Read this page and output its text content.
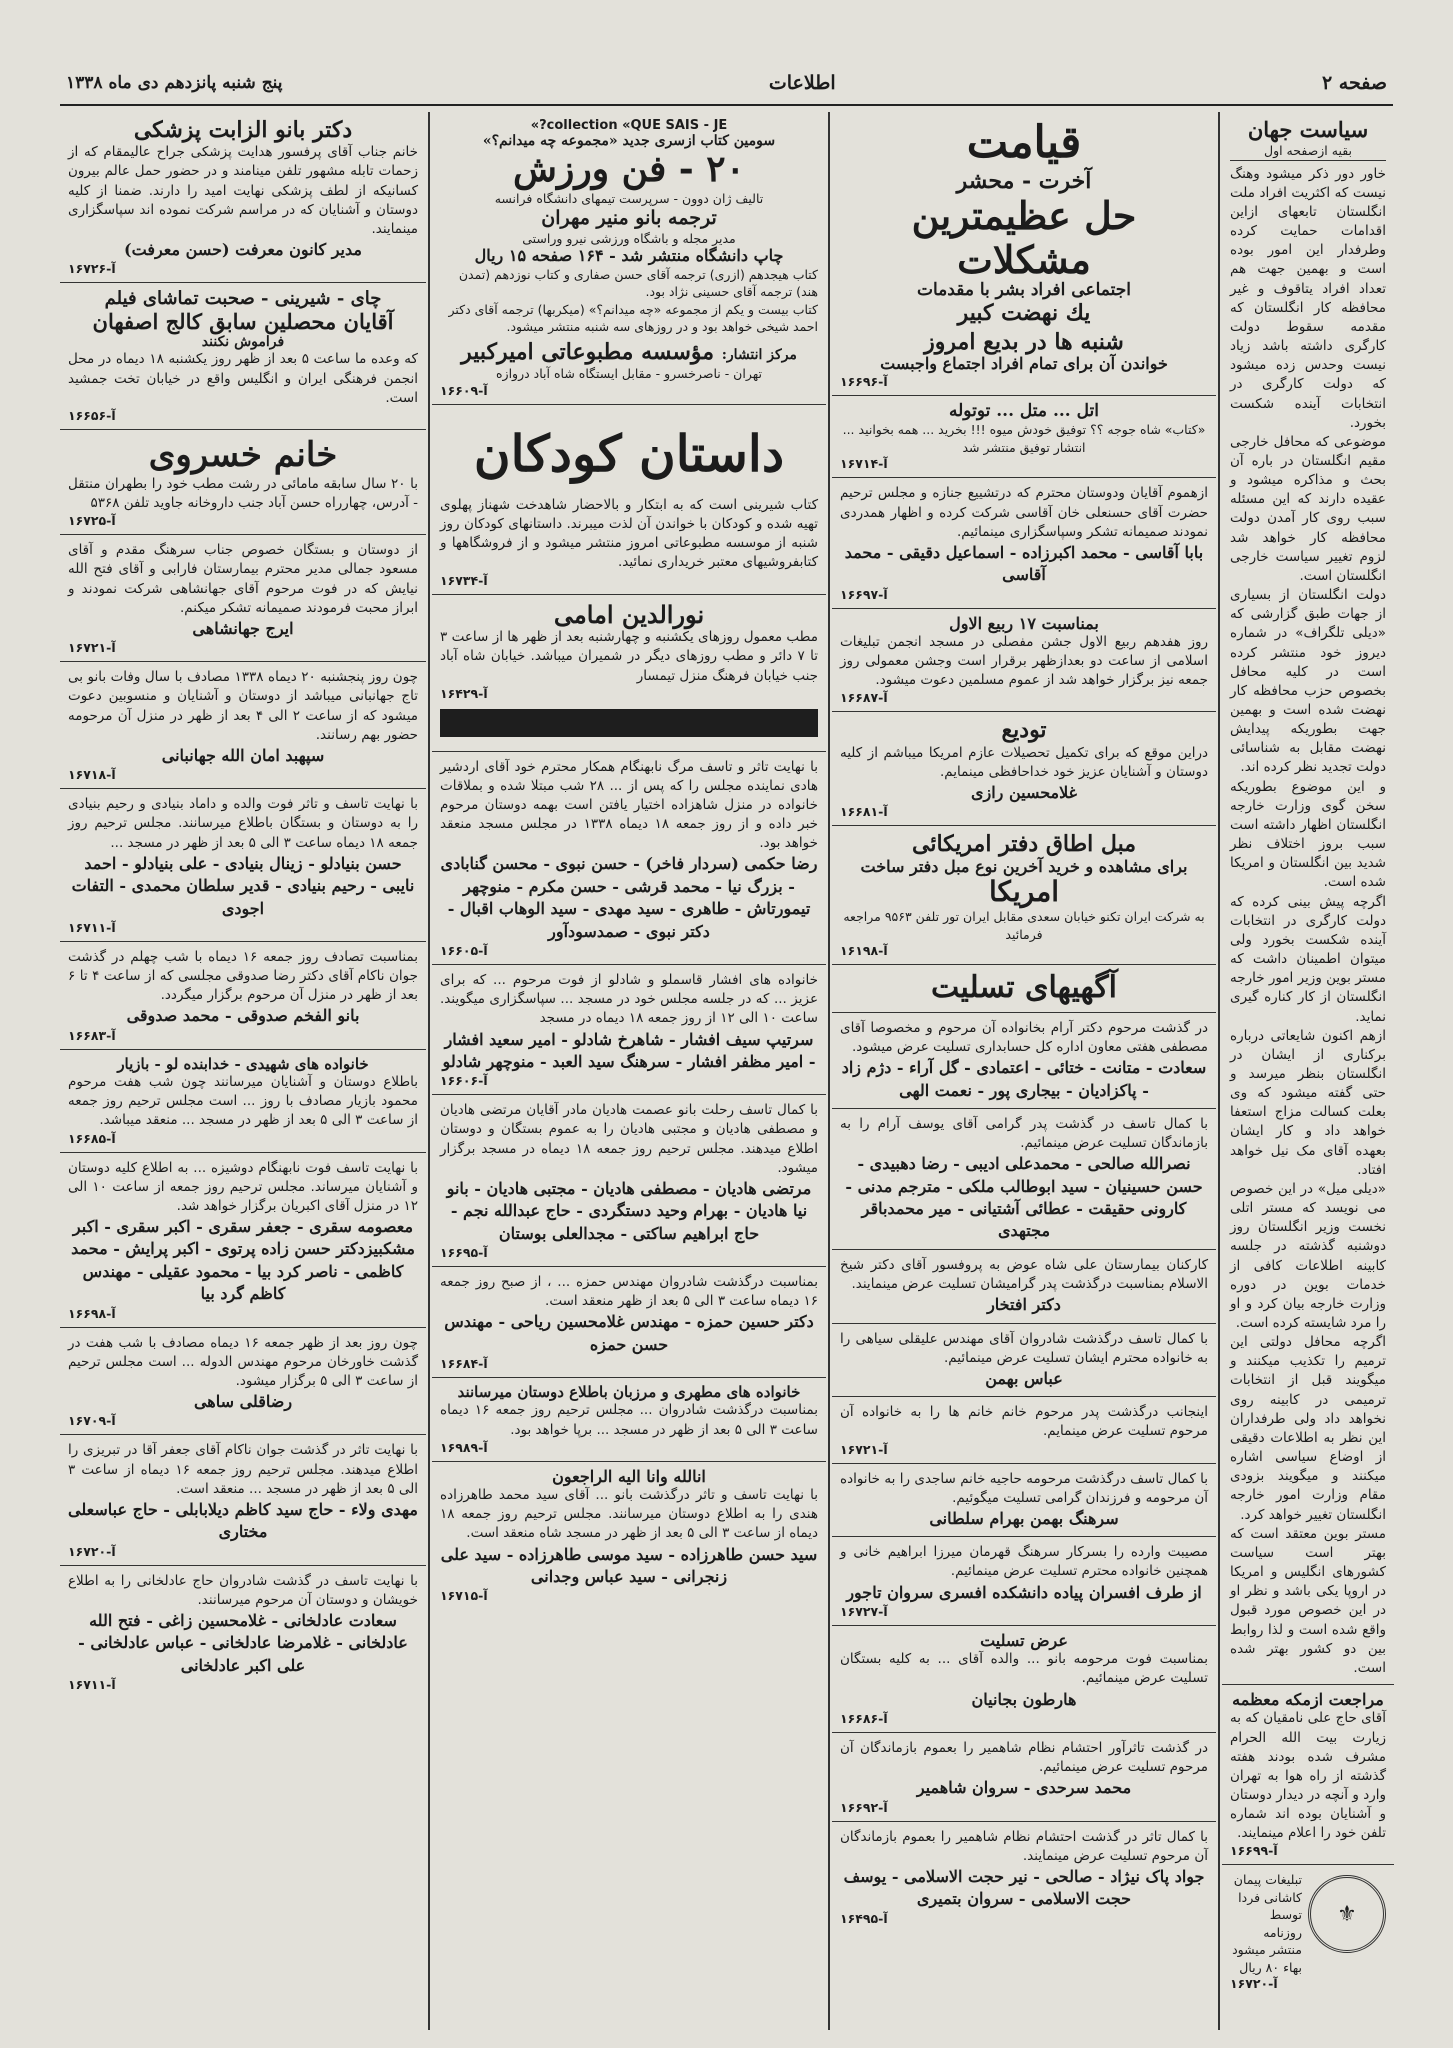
صفحه ۲
اطلاعات
پنج شنبه پانزدهم دی ماه ۱۳۳۸
سیاست جهان
بقیه ازصفحه اول

خاور دور ذکر میشود وهنگ نیست که اکثریت افراد ملت انگلستان تابعهای ازاین اقدامات حمایت کرده وطرفدار این امور بوده است و بهمین جهت هم تعداد افراد یتاقوف و غیر محافظه کار انگلستان که مقدمه سقوط دولت کارگری داشته باشد زیاد نیست وحدس زده میشود که دولت کارگری در انتخابات آینده شکست بخورد.

موضوعی که محافل خارجی مقیم انگلستان در باره آن بحث و مذاکره میشود و عقیده دارند که این مسئله سبب روی کار آمدن دولت محافظه کار خواهد شد لزوم تغییر سیاست خارجی انگلستان است.

دولت انگلستان از بسیاری از جهات طبق گزارشی که «دیلی تلگراف» در شماره دیروز خود منتشر کرده است در کلیه محافل بخصوص حزب محافظه کار نهضت شده است و بهمین جهت بطوریکه پیدایش نهضت مقابل به شناسائی دولت تجدید نظر کرده اند.

و این موضوع بطوریکه سخن گوی وزارت خارجه انگلستان اظهار داشته است سبب بروز اختلاف نظر شدید بین انگلستان و امریکا شده است.

اگرچه پیش بینی کرده که دولت کارگری در انتخابات آینده شکست بخورد ولی میتوان اطمینان داشت که مستر بوین وزیر امور خارجه انگلستان از کار کناره گیری نماید.

ازهم اکنون شایعاتی درباره برکناری از ایشان در انگلستان بنظر میرسد و حتی گفته میشود که وی بعلت کسالت مزاج استعفا خواهد داد و کار ایشان بعهده آقای مک نیل خواهد افتاد.

«دیلی میل» در این خصوص می نویسد که مستر اتلی نخست وزیر انگلستان روز دوشنبه گذشته در جلسه کابینه اطلاعات کافی از خدمات بوین در دوره وزارت خارجه بیان کرد و او را مرد شایسته کرده است.

اگرچه محافل دولتی این ترمیم را تکذیب میکنند و میگویند قبل از انتخابات ترمیمی در کابینه روی نخواهد داد ولی طرفداران این نظر به اطلاعات دقیقی از اوضاع سیاسی اشاره میکنند و میگویند بزودی مقام وزارت امور خارجه انگلستان تغییر خواهد کرد.

مستر بوین معتقد است که بهتر است سیاست کشورهای انگلیس و امریکا در اروپا یکی باشد و نظر او در این خصوص مورد قبول واقع شده است و لذا روابط بین دو کشور بهتر شده است.

مراجعت ازمکه معظمه

آقای حاج علی نامقیان که به زیارت بیت الله الحرام مشرف شده بودند هفته گذشته از راه هوا به تهران وارد و آنچه در دیدار دوستان و آشنایان بوده اند شماره تلفن خود را اعلام مینمایند.

آ-۱۶۶۹۹
⚜
تبلیغات پیمان کاشانی فردا توسط روزنامه منتشر میشود بهاء ۸۰ ریال
آ-۱۶۷۲۰
قیامت
آخرت - محشر
حل عظیمترین مشکلات
اجتماعی افراد بشر با مقدمات
یك نهضت كبیر
شنبه ها در بدیع امروز
خواندن آن برای تمام افراد اجتماع واجبست
آ-۱۶۶۹۶
اتل ... متل ... توتوله

«کتاب» شاه جوجه ؟؟ توفیق خودش میوه !!! بخرید ... همه بخوانید ... انتشار توفیق منتشر شد

آ-۱۶۷۱۴

ازهموم آقایان ودوستان محترم که درتشییع جنازه و مجلس ترحیم حضرت آقای حسنعلی خان آقاسی شرکت کرده و اظهار همدردی نمودند صمیمانه تشکر وسپاسگزاری مینمائیم.

بابا آقاسی - محمد اکبرزاده - اسماعیل دقیقی - محمد آقاسی
آ-۱۶۶۹۷
بمناسبت ۱۷ ربیع الاول

روز هفدهم ربیع الاول جشن مفصلی در مسجد انجمن تبلیغات اسلامی از ساعت دو بعدازظهر برقرار است وجشن معمولی روز جمعه نیز برگزار خواهد شد از عموم مسلمین دعوت میشود.

آ-۱۶۶۸۷
تودیع

دراین موقع که برای تکمیل تحصیلات عازم امریکا میباشم از کلیه دوستان و آشنایان عزیز خود خداحافظی مینمایم.

غلامحسین رازی
آ-۱۶۶۸۱
مبل اطاق دفتر امریکائی
برای مشاهده و خرید آخرین نوع مبل دفتر ساخت
امریکا

به شرکت ایران تکنو خیابان سعدی مقابل ایران تور تلفن ۹۵۶۳ مراجعه فرمائید

آ-۱۶۱۹۸
آگهیهای تسلیت

در گذشت مرحوم دکتر آرام بخانواده آن مرحوم و مخصوصا آقای مصطفی هفتی معاون اداره کل حسابداری تسلیت عرض میشود.

سعادت - متانت - ختائی - اعتمادی - گل آراء - دژم زاد - پاکزادیان - بیجاری پور - نعمت الهی

با کمال تاسف در گذشت پدر گرامی آقای یوسف آرام را به بازماندگان تسلیت عرض مینمائیم.

نصرالله صالحی - محمدعلی ادیبی - رضا دهبیدی - حسن حسینیان - سید ابوطالب ملکی - مترجم مدنی - کارونی حقیقت - عطائی آشتیانی - میر محمدباقر مجتهدی

کارکنان بیمارستان علی شاه عوض به پروفسور آقای دکتر شیخ الاسلام بمناسبت درگذشت پدر گرامیشان تسلیت عرض مینمایند.

دکتر افتخار

با کمال تاسف درگذشت شادروان آقای مهندس علیقلی سیاهی را به خانواده محترم ایشان تسلیت عرض مینمائیم.

عباس بهمن

اینجانب درگذشت پدر مرحوم خانم خانم ها را به خانواده آن مرحوم تسلیت عرض مینمایم.

آ-۱۶۷۲۱

با کمال تاسف درگذشت مرحومه حاجیه خانم ساجدی را به خانواده آن مرحومه و فرزندان گرامی تسلیت میگوئیم.

سرهنگ بهمن بهرام سلطانی

مصیبت وارده را بسرکار سرهنگ قهرمان میرزا ابراهیم خانی و همچنین خانواده محترم تسلیت عرض مینمائیم.

از طرف افسران پیاده دانشکده افسری سروان تاجور
آ-۱۶۷۲۷
عرض تسلیت

بمناسبت فوت مرحومه بانو ... والده آقای ... به کلیه بستگان تسلیت عرض مینمائیم.

هارطون بجانیان
آ-۱۶۶۸۶

در گذشت تاثرآور احتشام نظام شاهمیر را بعموم بازماندگان آن مرحوم تسلیت عرض مینمائیم.

محمد سرحدی - سروان شاهمیر
آ-۱۶۶۹۲

با کمال تاثر در گذشت احتشام نظام شاهمیر را بعموم بازماندگان آن مرحوم تسلیت عرض مینمایند.

جواد پاک نیژاد - صالحی - نیر حجت الاسلامی - یوسف حجت الاسلامی - سروان بتمیری
آ-۱۶۴۹۵
collection «QUE SAIS - JE?»
سومین کتاب ازسری جدید «مجموعه چه میدانم؟»
۲۰ - فن ورزش
تالیف ژان دوون - سرپرست تیمهای دانشگاه فرانسه
ترجمه بانو منیر مهران
مدیر مجله و باشگاه ورزشی نیرو وراستی
چاپ دانشگاه منتشر شد - ۱۶۴ صفحه ۱۵ ریال

کتاب هیجدهم (ازری) ترجمه آقای حسن صفاری و کتاب نوزدهم (تمدن هند) ترجمه آقای حسینی نژاد بود.

کتاب بیست و یکم از مجموعه «چه میدانم؟» (میکربها) ترجمه آقای دکتر احمد شیخی خواهد بود و در روزهای سه شنبه منتشر میشود.

مرکز انتشار: مؤسسه مطبوعاتی امیرکبیر
تهران - ناصرخسرو - مقابل ایستگاه شاه آباد دروازه
آ-۱۶۶۰۹
داستان کودکان

کتاب شیرینی است که به ابتکار و بالاحضار شاهدخت شهناز پهلوی تهیه شده و کودکان با خواندن آن لذت میبرند. داستانهای کودکان روز شنبه از موسسه مطبوعاتی امروز منتشر میشود و از فروشگاهها و کتابفروشیهای معتبر خریداری نمائید.

آ-۱۶۷۳۴
نورالدین امامی

مطب معمول روزهای یکشنبه و چهارشنبه بعد از ظهر ها از ساعت ۳ تا ۷ دائر و مطب روزهای دیگر در شمیران میباشد. خیابان شاه آباد جنب خیابان فرهنگ منزل تیمسار

آ-۱۶۴۲۹

با نهایت تاثر و تاسف مرگ نابهنگام همکار محترم خود آقای اردشیر هادی نماینده مجلس را که پس از ... ۲۸ شب مبتلا شده و بملاقات خانواده در منزل شاهزاده اختیار یافتن است بهمه دوستان مرحوم خبر داده و از روز جمعه ۱۸ دیماه ۱۳۳۸ در مجلس مسجد منعقد خواهد بود.

رضا حکمی (سردار فاخر) - حسن نبوی - محسن گنابادی - بزرگ نیا - محمد قرشی - حسن مکرم - منوچهر تیمورتاش - طاهری - سید مهدی - سید الوهاب اقبال - دکتر نبوی - صمدسودآور
آ-۱۶۶۰۵

خانواده های افشار قاسملو و شادلو از فوت مرحوم ... که برای عزیز ... که در جلسه مجلس خود در مسجد ... سپاسگزاری میگویند. ساعت ۱۰ الی ۱۲ از روز جمعه ۱۸ دیماه در مسجد

سرتیپ سیف افشار - شاهرخ شادلو - امیر سعید افشار - امیر مظفر افشار - سرهنگ سید العبد - منوچهر شادلو
آ-۱۶۶۰۶

با کمال تاسف رحلت بانو عصمت هادیان مادر آقایان مرتضی هادیان و مصطفی هادیان و مجتبی هادیان را به عموم بستگان و دوستان اطلاع میدهند. مجلس ترحیم روز جمعه ۱۸ دیماه در مسجد برگزار میشود.

مرتضی هادیان - مصطفی هادیان - مجتبی هادیان - بانو نیا هادیان - بهرام وحید دستگردی - حاج عبدالله نجم - حاج ابراهیم ساکتی - مجدالعلی بوستان
آ-۱۶۶۹۵

بمناسبت درگذشت شادروان مهندس حمزه ... ، از صبح روز جمعه ۱۶ دیماه ساعت ۳ الی ۵ بعد از ظهر منعقد است.

دکتر حسین حمزه - مهندس غلامحسین ریاحی - مهندس حسن حمزه
آ-۱۶۶۸۴
خانواده های مطهری و مرزبان باطلاع دوستان میرسانند

بمناسبت درگذشت شادروان ... مجلس ترحیم روز جمعه ۱۶ دیماه ساعت ۳ الی ۵ بعد از ظهر در مسجد ... برپا خواهد بود.

آ-۱۶۹۸۹
انالله وانا الیه الراجعون

با نهایت تاسف و تاثر درگذشت بانو ... آقای سید محمد طاهرزاده هندی را به اطلاع دوستان میرسانند. مجلس ترحیم روز جمعه ۱۸ دیماه از ساعت ۳ الی ۵ بعد از ظهر در مسجد شاه منعقد است.

سید حسن طاهرزاده - سید موسی طاهرزاده - سید علی زنجرانی - سید عباس وجدانی
آ-۱۶۷۱۵
دکتر بانو الزابت پزشکی

خانم جناب آقای پرفسور هدایت پزشکی جراح عالیمقام که از زحمات تابله مشهور تلفن مینامند و در حضور حمل عالم بیرون کسانیکه از لطف پزشکی نهایت امید را دارند. ضمنا از کلیه دوستان و آشنایان که در مراسم شرکت نموده اند سپاسگزاری مینمایند.

مدیر کانون معرفت (حسن معرفت)
آ-۱۶۷۲۶
چای - شیرینی - صحبت تماشای فیلم
آقایان محصلین سابق کالج اصفهان
فراموش نکنند

که وعده ما ساعت ۵ بعد از ظهر روز یکشنبه ۱۸ دیماه در محل انجمن فرهنگی ایران و انگلیس واقع در خیابان تخت جمشید است.

آ-۱۶۶۵۶
خانم خسروی

با ۲۰ سال سابقه مامائی در رشت مطب خود را بطهران منتقل - آدرس، چهارراه حسن آباد جنب داروخانه جاوید تلفن ۵۳۶۸

آ-۱۶۷۲۵

از دوستان و بستگان خصوص جناب سرهنگ مقدم و آقای مسعود جمالی مدیر محترم بیمارستان فارابی و آقای فتح الله نیایش که در فوت مرحوم آقای جهانشاهی شرکت نمودند و ابراز محبت فرمودند صمیمانه تشکر میکنم.

ایرج جهانشاهی
آ-۱۶۷۲۱

چون روز پنجشنبه ۲۰ دیماه ۱۳۳۸ مصادف با سال وفات بانو بی تاج جهانبانی میباشد از دوستان و آشنایان و منسوبین دعوت میشود که از ساعت ۲ الی ۴ بعد از ظهر در منزل آن مرحومه حضور بهم رسانند.

سپهبد امان الله جهانبانی
آ-۱۶۷۱۸

با نهایت تاسف و تاثر فوت والده و داماد بنیادی و رحیم بنیادی را به دوستان و بستگان باطلاع میرسانند. مجلس ترحیم روز جمعه ۱۸ دیماه ساعت ۳ الی ۵ بعد از ظهر در مسجد ...

حسن بنیادلو - زینال بنیادی - علی بنیادلو - احمد نایبی - رحیم بنیادی - قدیر سلطان محمدی - التفات اجودی
آ-۱۶۷۱۱

بمناسبت تصادف روز جمعه ۱۶ دیماه با شب چهلم در گذشت جوان ناکام آقای دکتر رضا صدوقی مجلسی که از ساعت ۴ تا ۶ بعد از ظهر در منزل آن مرحوم برگزار میگردد.

بانو الفخم صدوقی - محمد صدوقی
آ-۱۶۶۸۳
خانواده های شهیدی - خدابنده لو - بازیار

باطلاع دوستان و آشنایان میرسانند چون شب هفت مرحوم محمود بازیار مصادف با روز ... است مجلس ترحیم روز جمعه از ساعت ۳ الی ۵ بعد از ظهر در مسجد ... منعقد میباشد.

آ-۱۶۶۸۵

با نهایت تاسف فوت نابهنگام دوشیزه ... به اطلاع کلیه دوستان و آشنایان میرساند. مجلس ترحیم روز جمعه از ساعت ۱۰ الی ۱۲ در منزل آقای اکبریان برگزار خواهد شد.

معصومه سقری - جعفر سقری - اکبر سقری - اکبر مشکبیزدکتر حسن زاده پرتوی - اکبر پرایش - محمد کاظمی - ناصر کرد بیا - محمود عقیلی - مهندس کاظم گرد بیا
آ-۱۶۶۹۸

چون روز بعد از ظهر جمعه ۱۶ دیماه مصادف با شب هفت در گذشت خاورخان مرحوم مهندس الدوله ... است مجلس ترحیم از ساعت ۳ الی ۵ برگزار میشود.

رضاقلی ساهی
آ-۱۶۷۰۹

با نهایت تاثر در گذشت جوان ناکام آقای جعفر آقا در تبریزی را اطلاع میدهند. مجلس ترحیم روز جمعه ۱۶ دیماه از ساعت ۳ الی ۵ بعد از ظهر در مسجد ... منعقد است.

مهدی ولاء - حاج سید کاظم دیلابابلی - حاج عباسعلی مختاری
آ-۱۶۷۲۰

با نهایت تاسف در گذشت شادروان حاج عادلخانی را به اطلاع خویشان و دوستان آن مرحوم میرسانند.

سعادت عادلخانی - غلامحسین زاغی - فتح الله عادلخانی - غلامرضا عادلخانی - عباس عادلخانی - علی اکبر عادلخانی
آ-۱۶۷۱۱
